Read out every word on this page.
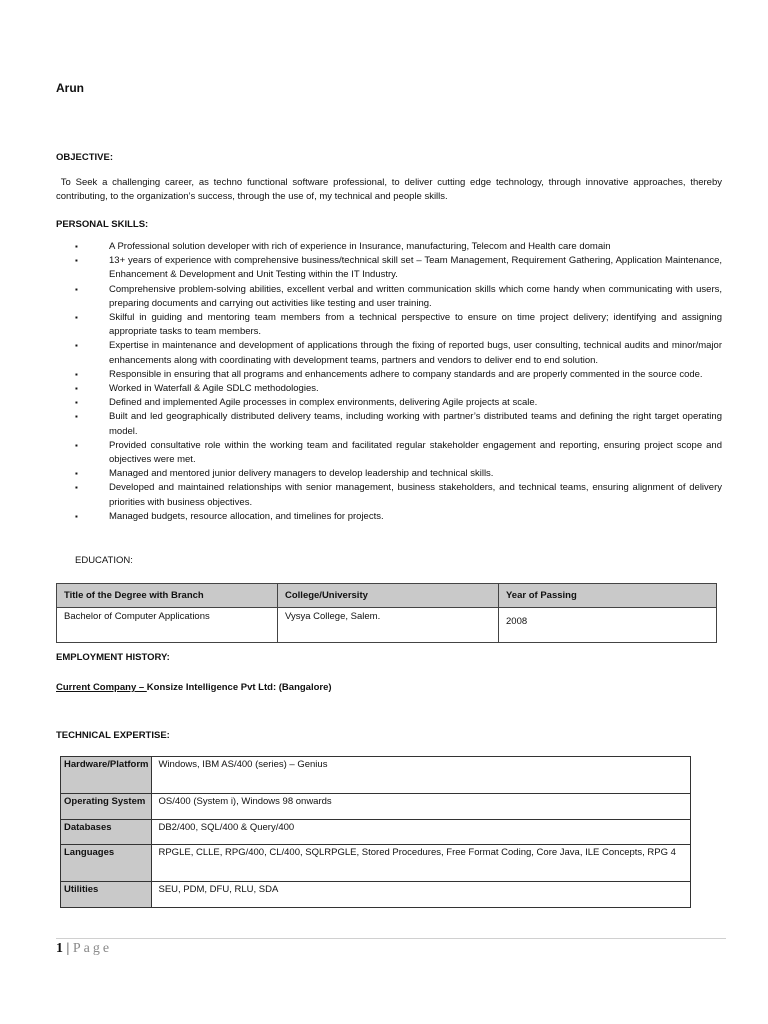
Arun
OBJECTIVE:
To Seek a challenging career, as techno functional software professional, to deliver cutting edge technology, through innovative approaches, thereby contributing, to the organization’s success, through the use of, my technical and people skills.
PERSONAL SKILLS:
▪	A Professional solution developer with rich of experience in Insurance, manufacturing, Telecom and Health care domain
▪	13+ years of experience with comprehensive business/technical skill set – Team Management, Requirement Gathering, Application Maintenance, Enhancement & Development and Unit Testing within the IT Industry.
▪	Comprehensive problem-solving abilities, excellent verbal and written communication skills which come handy when communicating with users, preparing documents and carrying out activities like testing and user training.
▪	Skilful in guiding and mentoring team members from a technical perspective to ensure on time project delivery; identifying and assigning appropriate tasks to team members.
▪	Expertise in maintenance and development of applications through the fixing of reported bugs, user consulting, technical audits and minor/major enhancements along with coordinating with development teams, partners and vendors to deliver end to end solution.
▪	Responsible in ensuring that all programs and enhancements adhere to company standards and are properly commented in the source code.
▪	Worked in Waterfall & Agile SDLC methodologies.
▪	Defined and implemented Agile processes in complex environments, delivering Agile projects at scale.
▪	Built and led geographically distributed delivery teams, including working with partner’s distributed teams and defining the right target operating model.
▪	Provided consultative role within the working team and facilitated regular stakeholder engagement and reporting, ensuring project scope and objectives were met.
▪	Managed and mentored junior delivery managers to develop leadership and technical skills.
▪	Developed and maintained relationships with senior management, business stakeholders, and technical teams, ensuring alignment of delivery priorities with business objectives.
▪	Managed budgets, resource allocation, and timelines for projects.
EDUCATION:
Title of the Degree with Branch	College/University	Year of Passing
Bachelor of Computer Applications	Vysya College, Salem.	2008
EMPLOYMENT HISTORY:
Current Company – Konsize Intelligence Pvt Ltd: (Bangalore)
TECHNICAL EXPERTISE:
Hardware/Platform	Windows, IBM AS/400 (series) – Genius
Operating System	OS/400 (System i), Windows 98 onwards
Databases	DB2/400, SQL/400 & Query/400
Languages	RPGLE, CLLE, RPG/400, CL/400, SQLRPGLE, Stored Procedures, Free Format Coding, Core Java, ILE Concepts, RPG 4
Utilities	SEU, PDM, DFU, RLU, SDA
1 | Page
